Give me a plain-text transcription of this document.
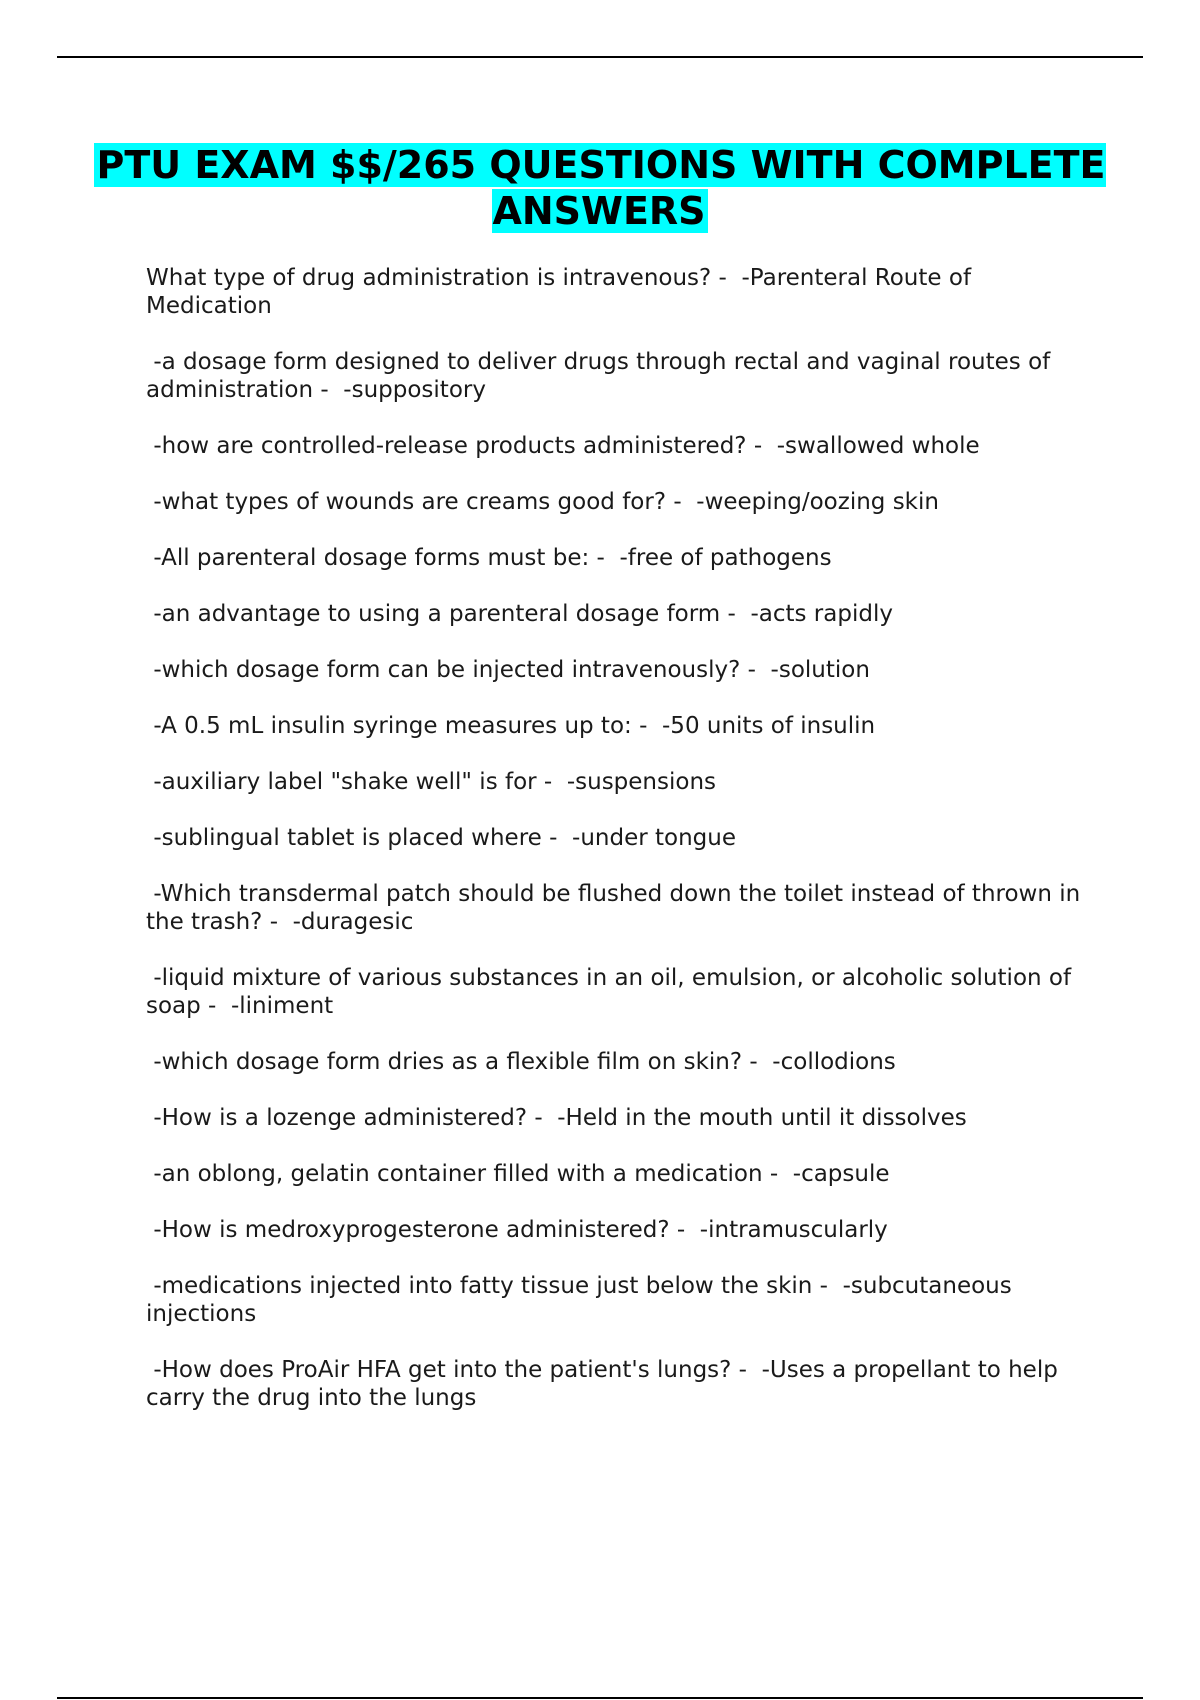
PTU EXAM $$/265 QUESTIONS WITH COMPLETE ANSWERS
What type of drug administration is intravenous? -  -Parenteral Route of Medication
-a dosage form designed to deliver drugs through rectal and vaginal routes of administration -  -suppository
-how are controlled-release products administered? -  -swallowed whole
-what types of wounds are creams good for? -  -weeping/oozing skin
-All parenteral dosage forms must be: -  -free of pathogens
-an advantage to using a parenteral dosage form -  -acts rapidly
-which dosage form can be injected intravenously? -  -solution
-A 0.5 mL insulin syringe measures up to: -  -50 units of insulin
-auxiliary label "shake well" is for -  -suspensions
-sublingual tablet is placed where -  -under tongue
-Which transdermal patch should be flushed down the toilet instead of thrown in the trash? -  -duragesic
-liquid mixture of various substances in an oil, emulsion, or alcoholic solution of soap -  -liniment
-which dosage form dries as a flexible film on skin? -  -collodions
-How is a lozenge administered? -  -Held in the mouth until it dissolves
-an oblong, gelatin container filled with a medication -  -capsule
-How is medroxyprogesterone administered? -  -intramuscularly
-medications injected into fatty tissue just below the skin -  -subcutaneous injections
-How does ProAir HFA get into the patient's lungs? -  -Uses a propellant to help carry the drug into the lungs
